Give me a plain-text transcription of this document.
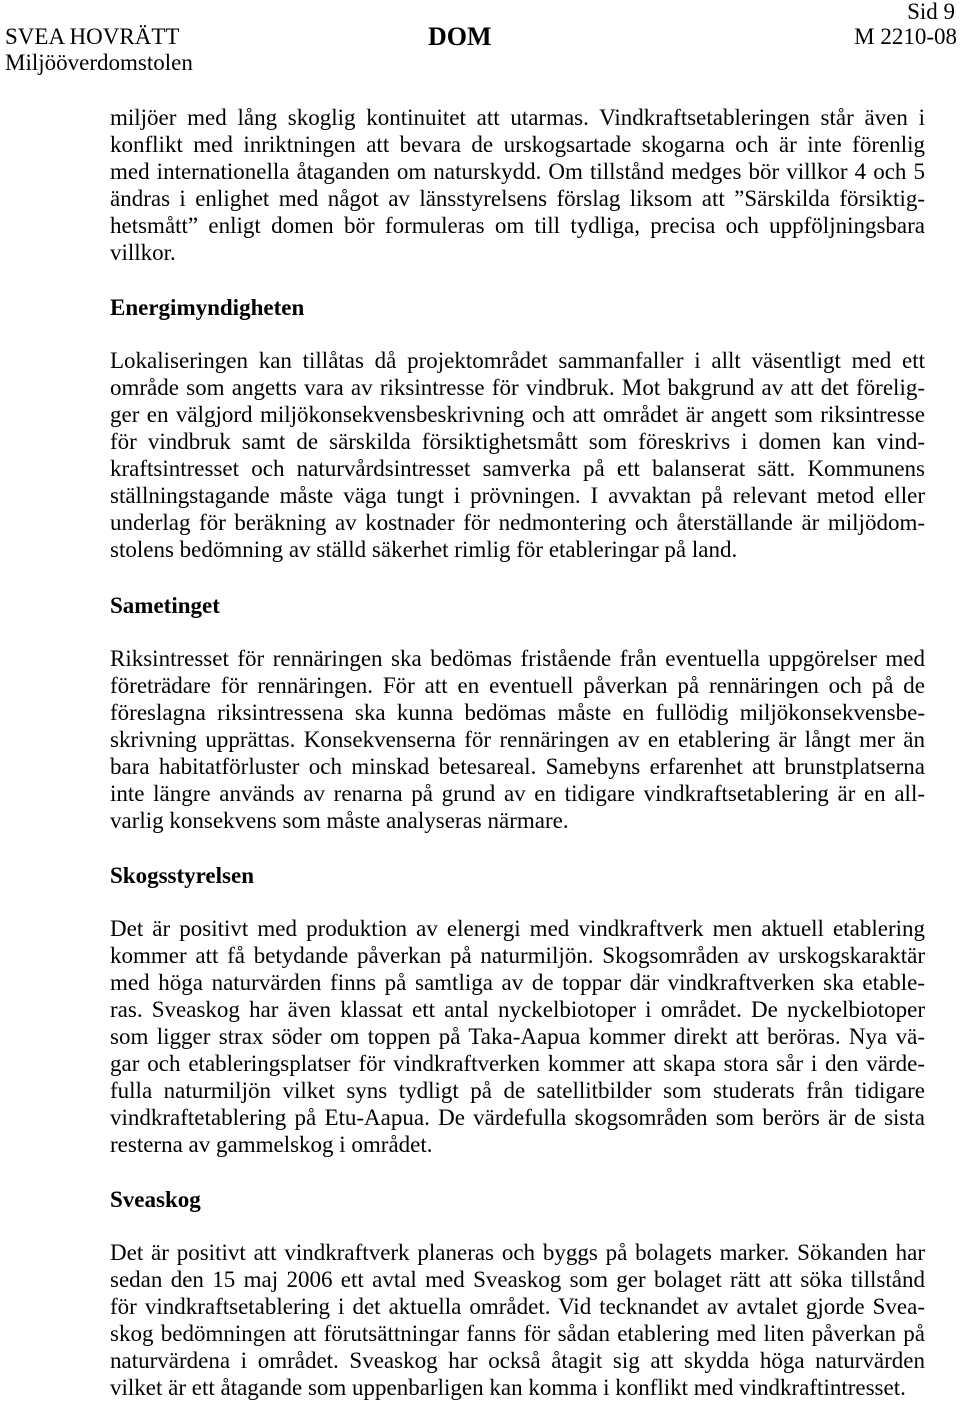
Sid 9
SVEA HOVRÄTT
Miljööverdomstolen
DOM	M 2210-08
miljöer med lång skoglig kontinuitet att utarmas. Vindkraftsetableringen står även i
konflikt med inriktningen att bevara de urskogsartade skogarna och är inte förenlig
med internationella åtaganden om naturskydd. Om tillstånd medges bör villkor 4 och 5
ändras i enlighet med något av länsstyrelsens förslag liksom att ”Särskilda försiktig-
hetsmått” enligt domen bör formuleras om till tydliga, precisa och uppföljningsbara
villkor.
Energimyndigheten
Lokaliseringen kan tillåtas då projektområdet sammanfaller i allt väsentligt med ett
område som angetts vara av riksintresse för vindbruk. Mot bakgrund av att det förelig-
ger en välgjord miljökonsekvensbeskrivning och att området är angett som riksintresse
för vindbruk samt de särskilda försiktighetsmått som föreskrivs i domen kan vind-
kraftsintresset och naturvårdsintresset samverka på ett balanserat sätt. Kommunens
ställningstagande måste väga tungt i prövningen. I avvaktan på relevant metod eller
underlag för beräkning av kostnader för nedmontering och återställande är miljödom-
stolens bedömning av ställd säkerhet rimlig för etableringar på land.
Sametinget
Riksintresset för rennäringen ska bedömas fristående från eventuella uppgörelser med
företrädare för rennäringen. För att en eventuell påverkan på rennäringen och på de
föreslagna riksintressena ska kunna bedömas måste en fullödig miljökonsekvensbe-
skrivning upprättas. Konsekvenserna för rennäringen av en etablering är långt mer än
bara habitatförluster och minskad betesareal. Samebyns erfarenhet att brunstplatserna
inte längre används av renarna på grund av en tidigare vindkraftsetablering är en all-
varlig konsekvens som måste analyseras närmare.
Skogsstyrelsen
Det är positivt med produktion av elenergi med vindkraftverk men aktuell etablering
kommer att få betydande påverkan på naturmiljön. Skogsområden av urskogskaraktär
med höga naturvärden finns på samtliga av de toppar där vindkraftverken ska etable-
ras. Sveaskog har även klassat ett antal nyckelbiotoper i området. De nyckelbiotoper
som ligger strax söder om toppen på Taka-Aapua kommer direkt att beröras. Nya vä-
gar och etableringsplatser för vindkraftverken kommer att skapa stora sår i den värde-
fulla naturmiljön vilket syns tydligt på de satellitbilder som studerats från tidigare
vindkraftetablering på Etu-Aapua. De värdefulla skogsområden som berörs är de sista
resterna av gammelskog i området.
Sveaskog
Det är positivt att vindkraftverk planeras och byggs på bolagets marker. Sökanden har
sedan den 15 maj 2006 ett avtal med Sveaskog som ger bolaget rätt att söka tillstånd
för vindkraftsetablering i det aktuella området. Vid tecknandet av avtalet gjorde Svea-
skog bedömningen att förutsättningar fanns för sådan etablering med liten påverkan på
naturvärdena i området. Sveaskog har också åtagit sig att skydda höga naturvärden
vilket är ett åtagande som uppenbarligen kan komma i konflikt med vindkraftintresset.
